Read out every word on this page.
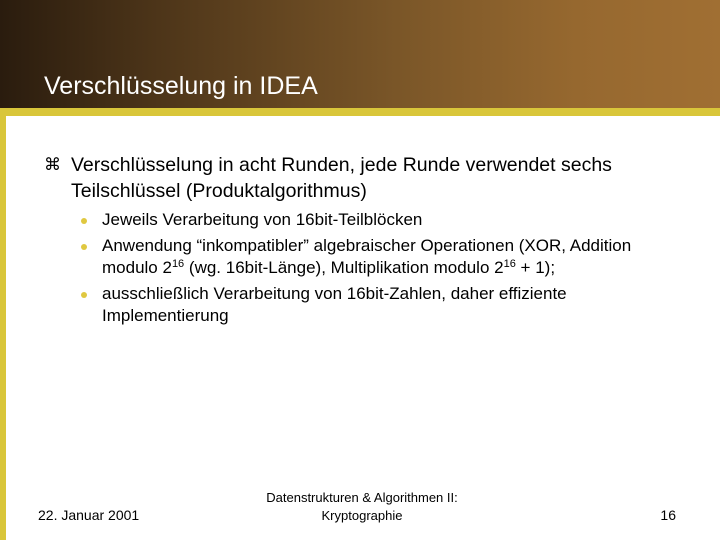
Verschlüsselung in IDEA
⌘ Verschlüsselung in acht Runden, jede Runde verwendet sechs Teilschlüssel (Produktalgorithmus)
Jeweils Verarbeitung von 16bit-Teilblöcken
Anwendung “inkompatibler” algebraischer Operationen (XOR, Addition modulo $2^{16}$ (wg. 16bit-Länge), Multiplikation modulo $2^{16} + 1$);
ausschließlich Verarbeitung von 16bit-Zahlen, daher effiziente Implementierung
22. Januar 2001
Datenstrukturen & Algorithmen II:
Kryptographie	16
